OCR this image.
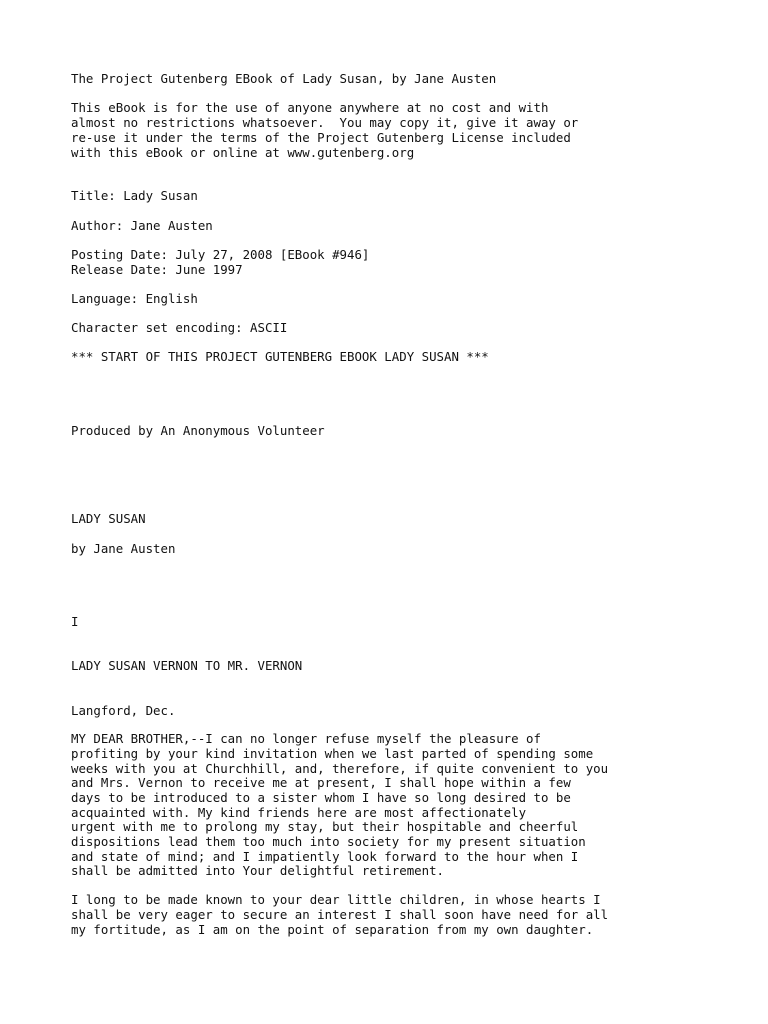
The Project Gutenberg EBook of Lady Susan, by Jane Austen

This eBook is for the use of anyone anywhere at no cost and with

almost no restrictions whatsoever.  You may copy it, give it away or

re-use it under the terms of the Project Gutenberg License included

with this eBook or online at www.gutenberg.org

Title: Lady Susan

Author: Jane Austen

Posting Date: July 27, 2008 [EBook #946]

Release Date: June 1997

Language: English

Character set encoding: ASCII

*** START OF THIS PROJECT GUTENBERG EBOOK LADY SUSAN ***

Produced by An Anonymous Volunteer

LADY SUSAN

by Jane Austen

I

LADY SUSAN VERNON TO MR. VERNON

Langford, Dec.

MY DEAR BROTHER,--I can no longer refuse myself the pleasure of

profiting by your kind invitation when we last parted of spending some

weeks with you at Churchhill, and, therefore, if quite convenient to you

and Mrs. Vernon to receive me at present, I shall hope within a few

days to be introduced to a sister whom I have so long desired to be

acquainted with. My kind friends here are most affectionately

urgent with me to prolong my stay, but their hospitable and cheerful

dispositions lead them too much into society for my present situation

and state of mind; and I impatiently look forward to the hour when I

shall be admitted into Your delightful retirement.

I long to be made known to your dear little children, in whose hearts I

shall be very eager to secure an interest I shall soon have need for all

my fortitude, as I am on the point of separation from my own daughter.
